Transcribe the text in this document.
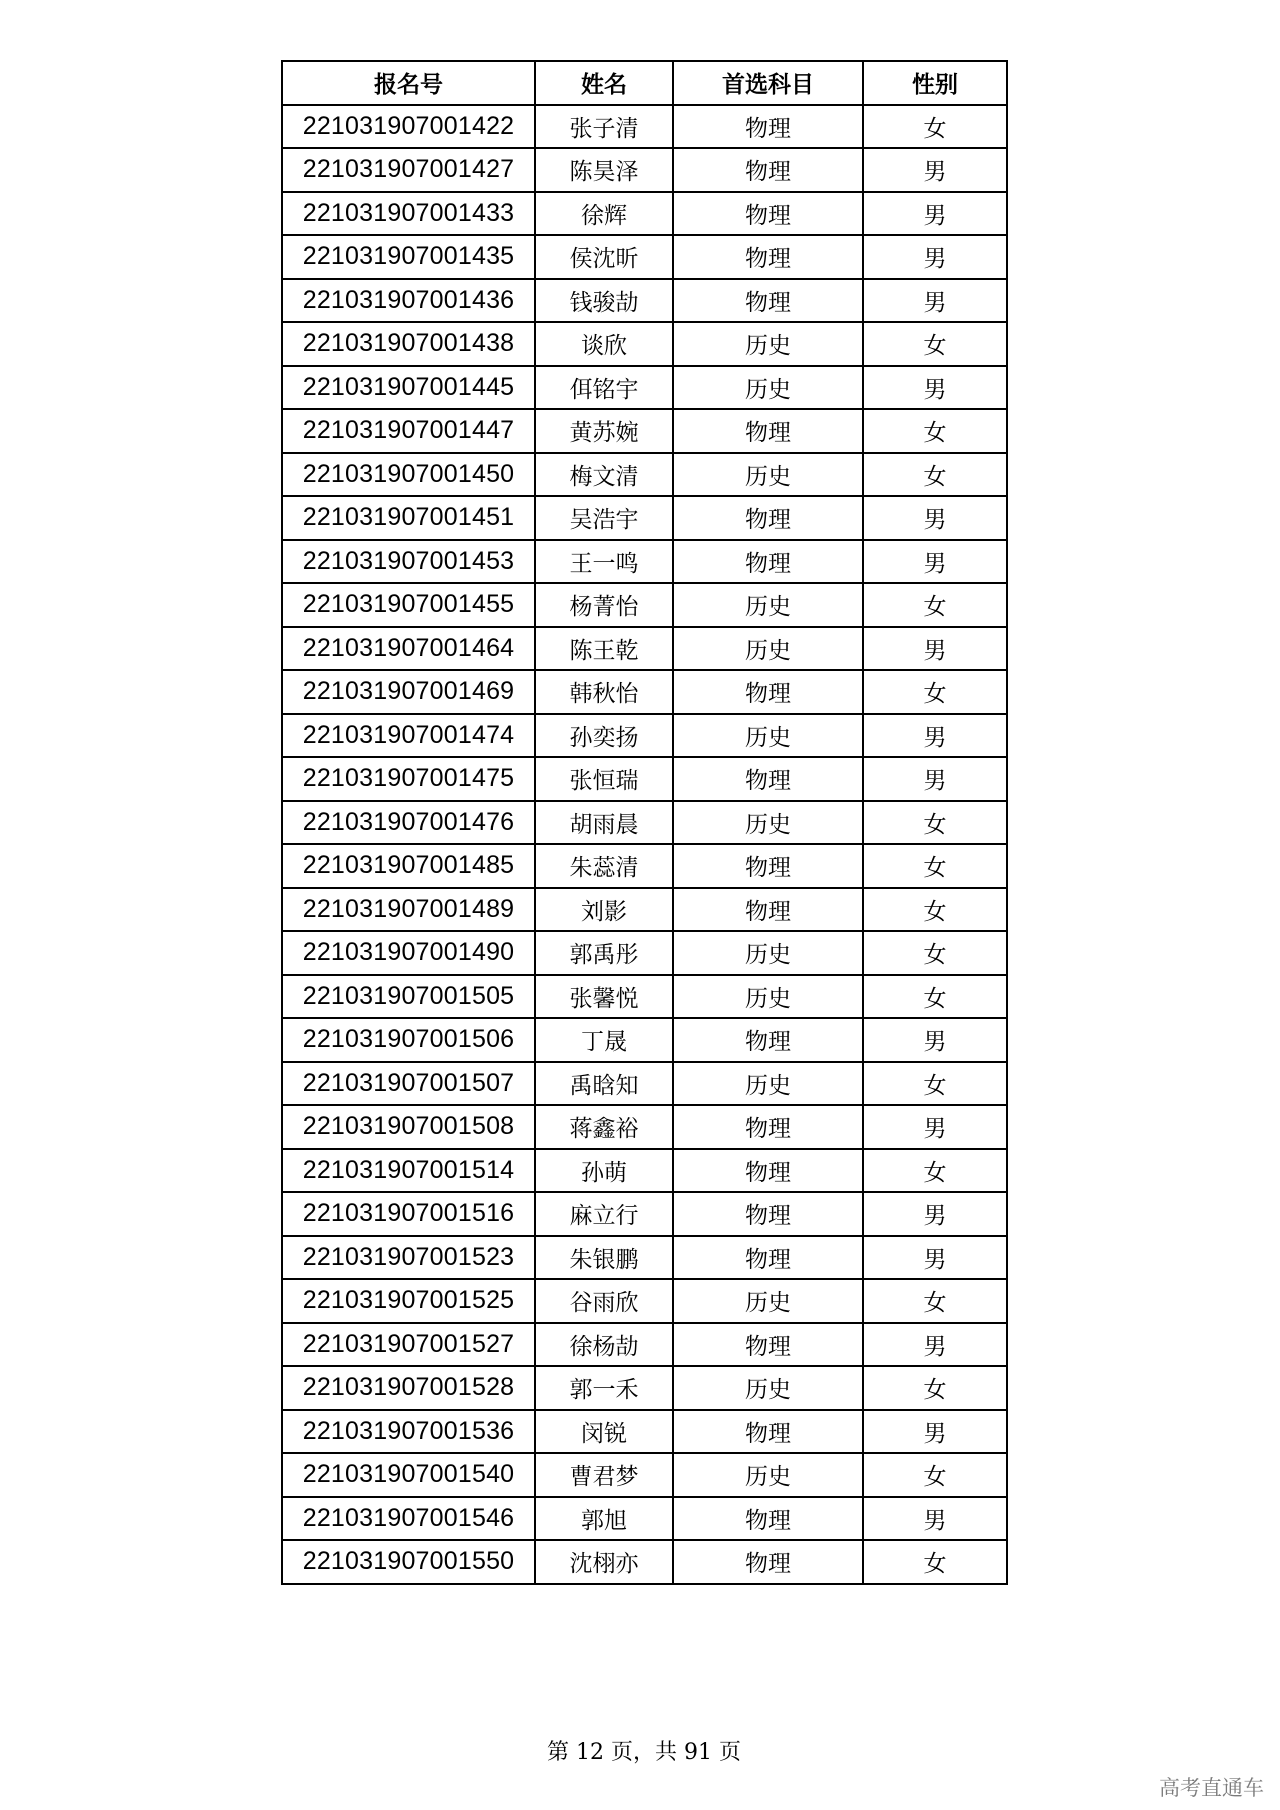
报名号	姓名	首选科目	性别
221031907001422	张子清	物理	女
221031907001427	陈昊泽	物理	男
221031907001433	徐辉	物理	男
221031907001435	侯沈昕	物理	男
221031907001436	钱骏劼	物理	男
221031907001438	谈欣	历史	女
221031907001445	佴铭宇	历史	男
221031907001447	黄苏婉	物理	女
221031907001450	梅文清	历史	女
221031907001451	吴浩宇	物理	男
221031907001453	王一鸣	物理	男
221031907001455	杨菁怡	历史	女
221031907001464	陈王乾	历史	男
221031907001469	韩秋怡	物理	女
221031907001474	孙奕扬	历史	男
221031907001475	张恒瑞	物理	男
221031907001476	胡雨晨	历史	女
221031907001485	朱蕊清	物理	女
221031907001489	刘影	物理	女
221031907001490	郭禹彤	历史	女
221031907001505	张馨悦	历史	女
221031907001506	丁晟	物理	男
221031907001507	禹晗知	历史	女
221031907001508	蒋鑫裕	物理	男
221031907001514	孙萌	物理	女
221031907001516	麻立行	物理	男
221031907001523	朱银鹏	物理	男
221031907001525	谷雨欣	历史	女
221031907001527	徐杨劼	物理	男
221031907001528	郭一禾	历史	女
221031907001536	闵锐	物理	男
221031907001540	曹君梦	历史	女
221031907001546	郭旭	物理	男
221031907001550	沈栩亦	物理	女
第 12 页，共 91 页
高考直通车
